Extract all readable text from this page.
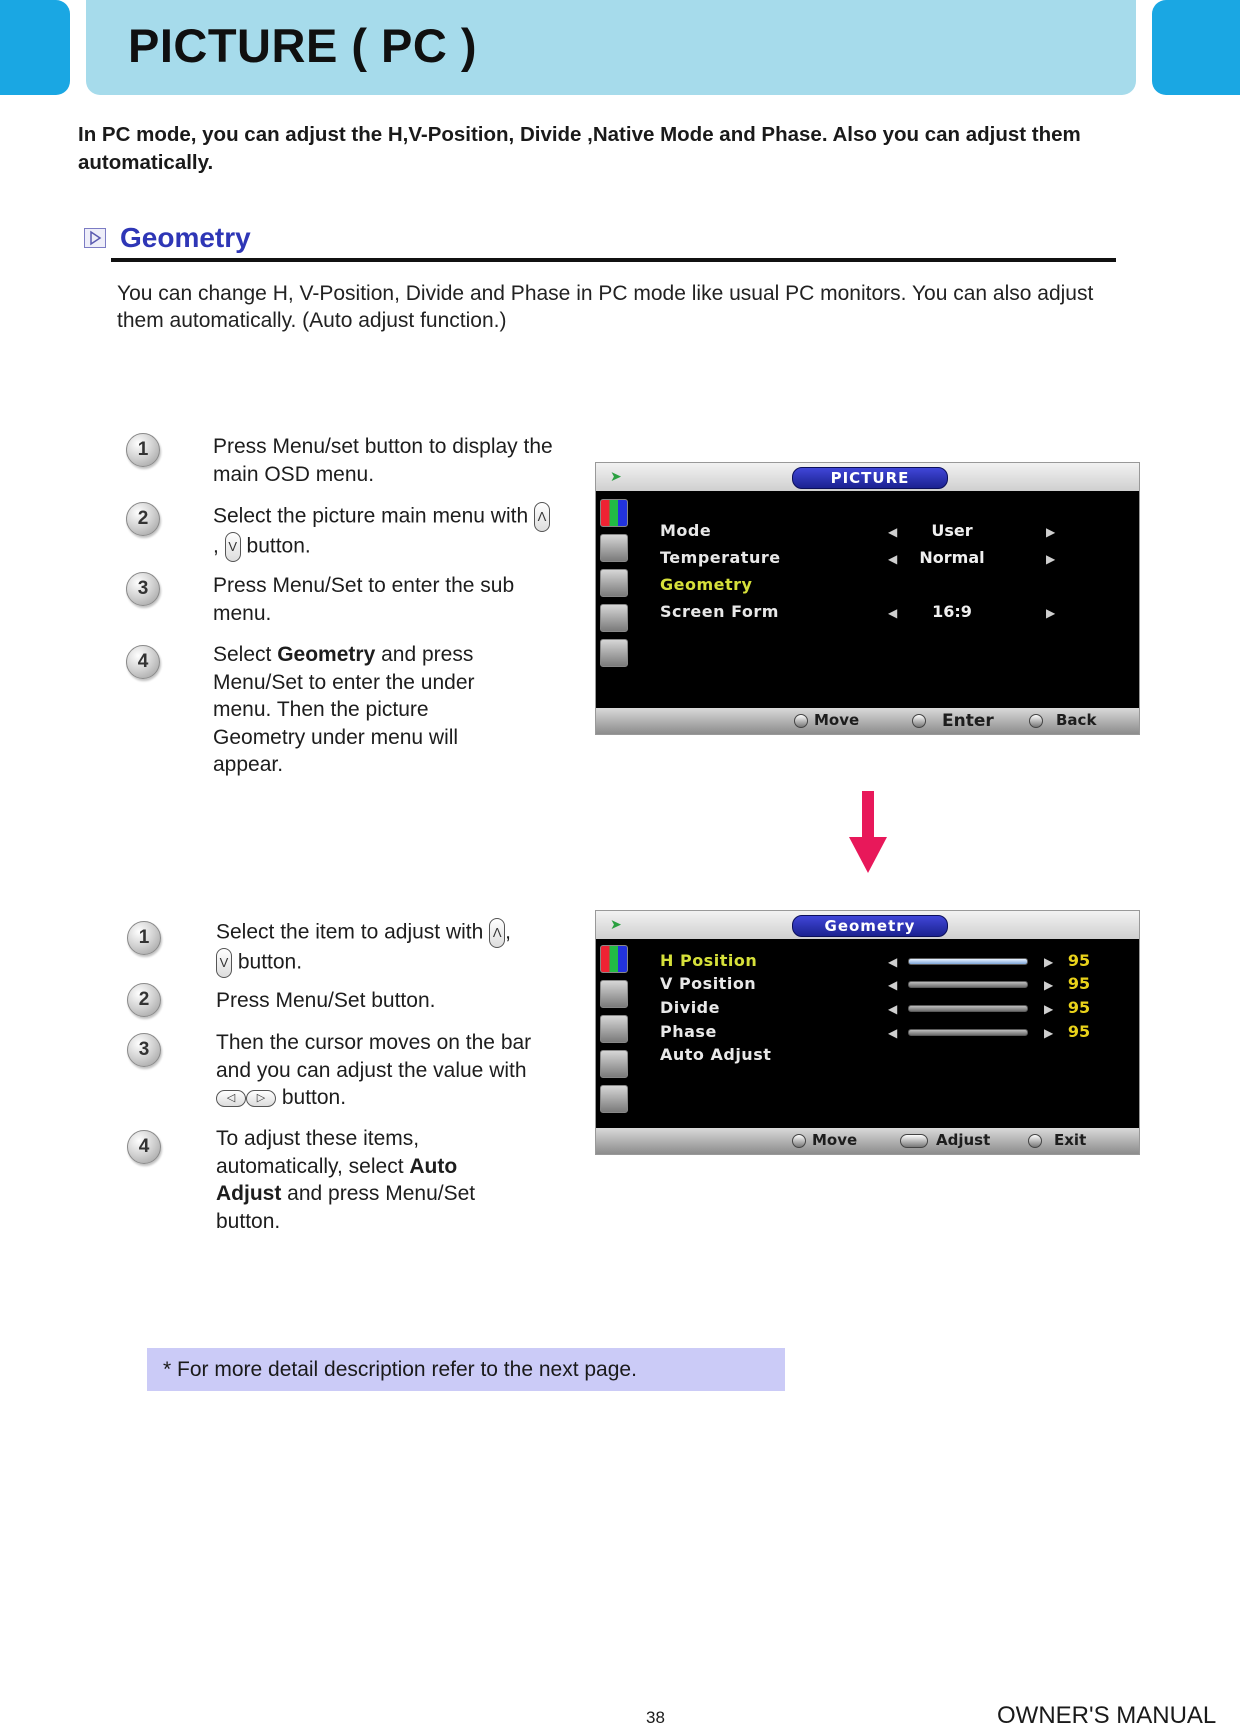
PICTURE ( PC )
In PC mode, you can adjust the H,V-Position, Divide ,Native Mode and Phase. Also you can adjust them automatically.
Geometry
You can change H, V-Position, Divide and Phase in PC mode like usual PC monitors. You can also adjust them automatically. (Auto adjust function.)
1	Press Menu/set button to display the main OSD menu.
2	Select the picture main menu with Λ, V button.
3	Press Menu/Set to enter the sub menu.
4	Select Geometry and press Menu/Set to enter the under menu. Then the picture Geometry under menu will appear.
➤	PICTURE
Mode	◀	User	▶
Temperature	◀	Normal	▶
Geometry
Screen Form	◀	16:9	▶
Move	Enter	Back
1	Select the item to adjust with Λ , V button.
2	Press Menu/Set button.
3	Then the cursor moves on the bar and you can adjust the value with ◁ ▷ button.
4	To adjust these items, automatically, select Auto Adjust and press Menu/Set button.
➤	Geometry
H Position	◀	▶ 95
V Position	◀	▶ 95
Divide	◀	▶ 95
Phase	◀	▶ 95
Auto Adjust
Move	Adjust	Exit
* For more detail description refer to the next page.
38	OWNER'S MANUAL
